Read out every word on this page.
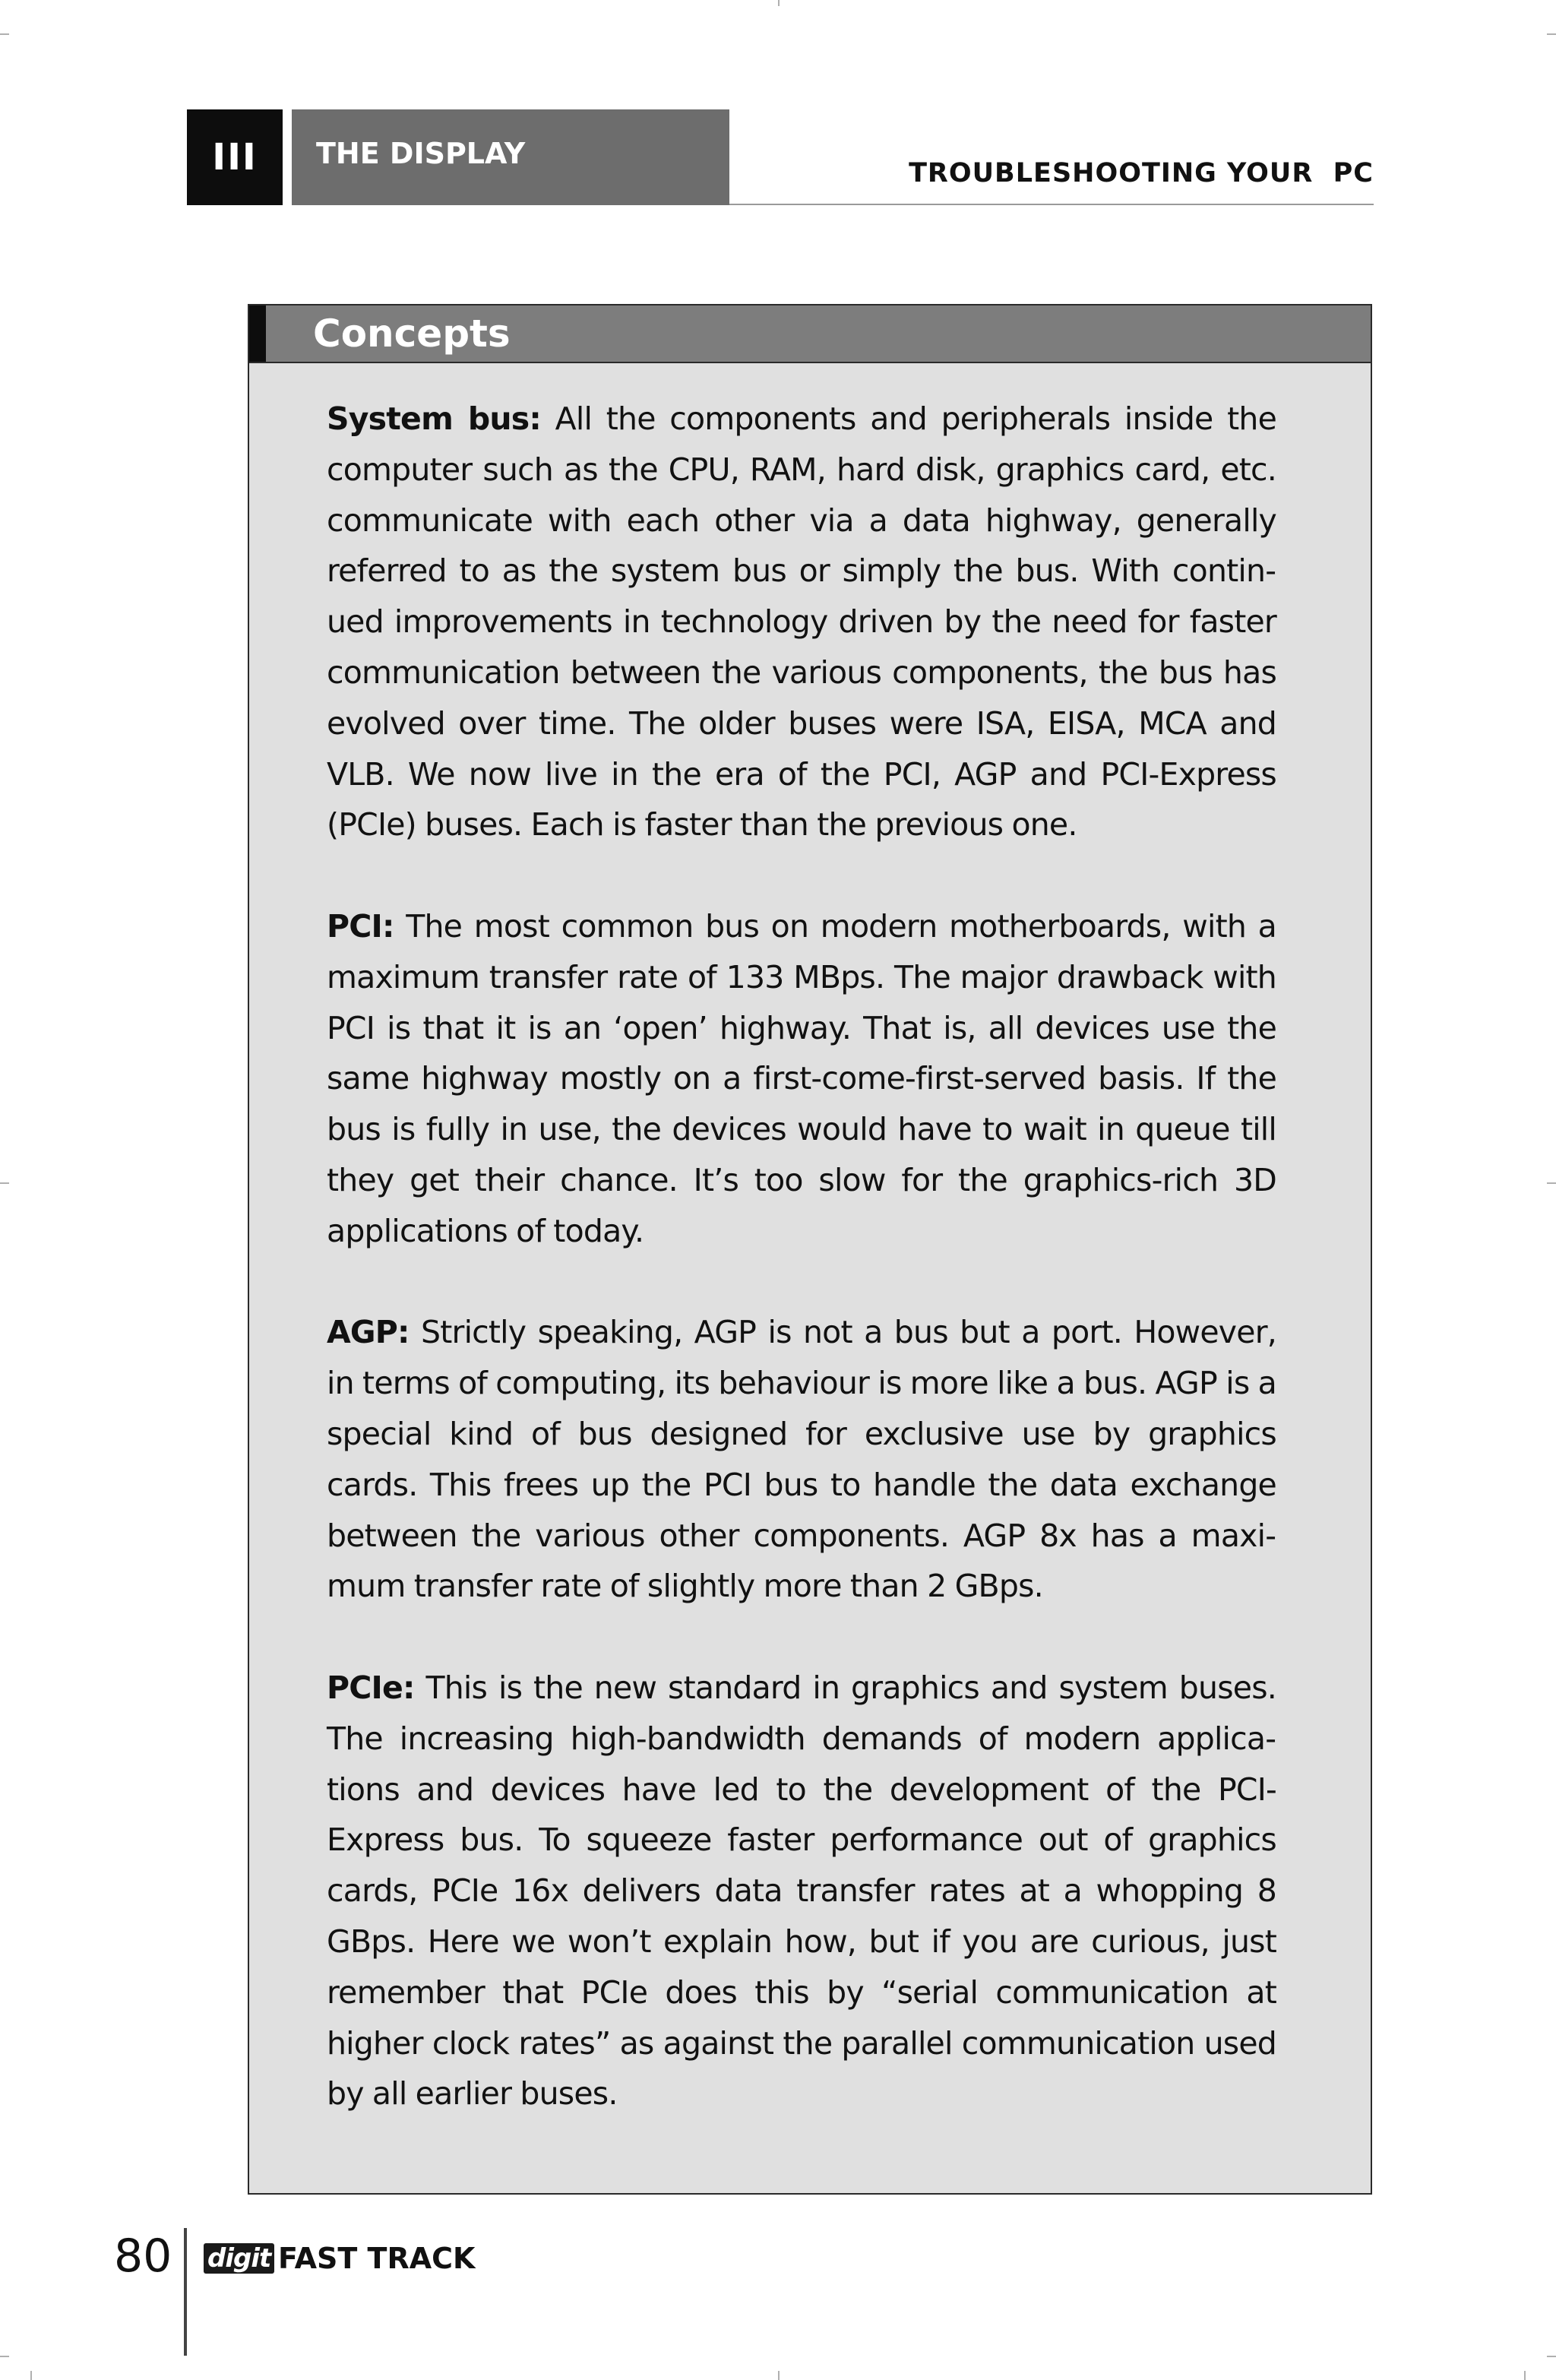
III	THE DISPLAY
TROUBLESHOOTING YOUR  PC
Concepts

System bus: All the components and peripherals inside the computer such as the CPU, RAM, hard disk, graphics card, etc. communicate with each other via a data highway, generally referred to as the system bus or simply the bus. With continued improvements in technology driven by the need for faster communication between the various components, the bus has evolved over time. The older buses were ISA, EISA, MCA and VLB. We now live in the era of the PCI, AGP and PCI-Express (PCIe) buses. Each is faster than the previous one.

PCI: The most common bus on modern motherboards, with a maximum transfer rate of 133 MBps. The major drawback with PCI is that it is an ‘open’ highway. That is, all devices use the same highway mostly on a first-come-first-served basis. If the bus is fully in use, the devices would have to wait in queue till they get their chance. It’s too slow for the graphics-rich 3D applications of today.

AGP: Strictly speaking, AGP is not a bus but a port. However, in terms of computing, its behaviour is more like a bus. AGP is a special kind of bus designed for exclusive use by graphics cards. This frees up the PCI bus to handle the data exchange between the various other components. AGP 8x has a maximum transfer rate of slightly more than 2 GBps.

PCIe: This is the new standard in graphics and system buses. The increasing high-bandwidth demands of modern applications and devices have led to the development of the PCI-Express bus. To squeeze faster performance out of graphics cards, PCIe 16x delivers data transfer rates at a whopping 8 GBps. Here we won’t explain how, but if you are curious, just remember that PCIe does this by “serial communication at higher clock rates” as against the parallel communication used by all earlier buses.

80 digit FAST TRACK
